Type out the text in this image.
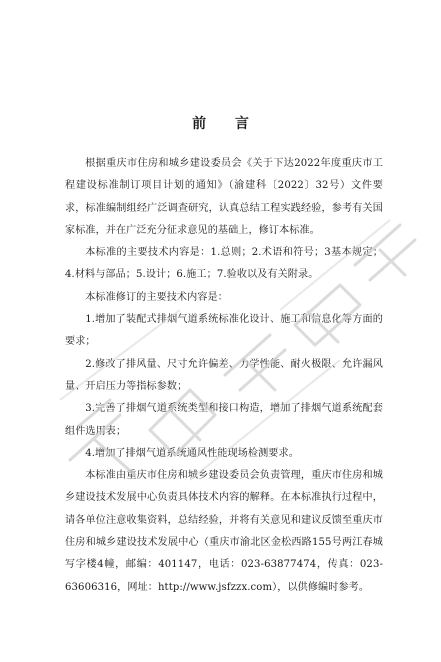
前 言

根据重庆市住房和城乡建设委员会《关于下达2022年度重庆市工程建设标准制订项目计划的通知》（渝建科〔2022〕32号）文件要求，标准编制组经广泛调查研究，认真总结工程实践经验，参考有关国家标准，并在广泛充分征求意见的基础上，修订本标准。

本标准的主要技术内容是：1.总则；2.术语和符号；3基本规定；4.材料与部品；5.设计；6.施工；7.验收以及有关附录。

本标准修订的主要技术内容是：

1.增加了装配式排烟气道系统标准化设计、施工和信息化等方面的要求；

2.修改了排风量、尺寸允许偏差、力学性能、耐火极限、允许漏风量、开启压力等指标参数；

3.完善了排烟气道系统类型和接口构造，增加了排烟气道系统配套组件选用表；

4.增加了排烟气道系统通风性能现场检测要求。

本标准由重庆市住房和城乡建设委员会负责管理，重庆市住房和城乡建设技术发展中心负责具体技术内容的解释。在本标准执行过程中，请各单位注意收集资料，总结经验，并将有关意见和建议反馈至重庆市住房和城乡建设技术发展中心（重庆市渝北区金松西路155号两江春城写字楼4幢，邮编：401147，电话：023-63877474，传真：023-63606316，网址：http://www.jsfzzx.com），以供修编时参考。
